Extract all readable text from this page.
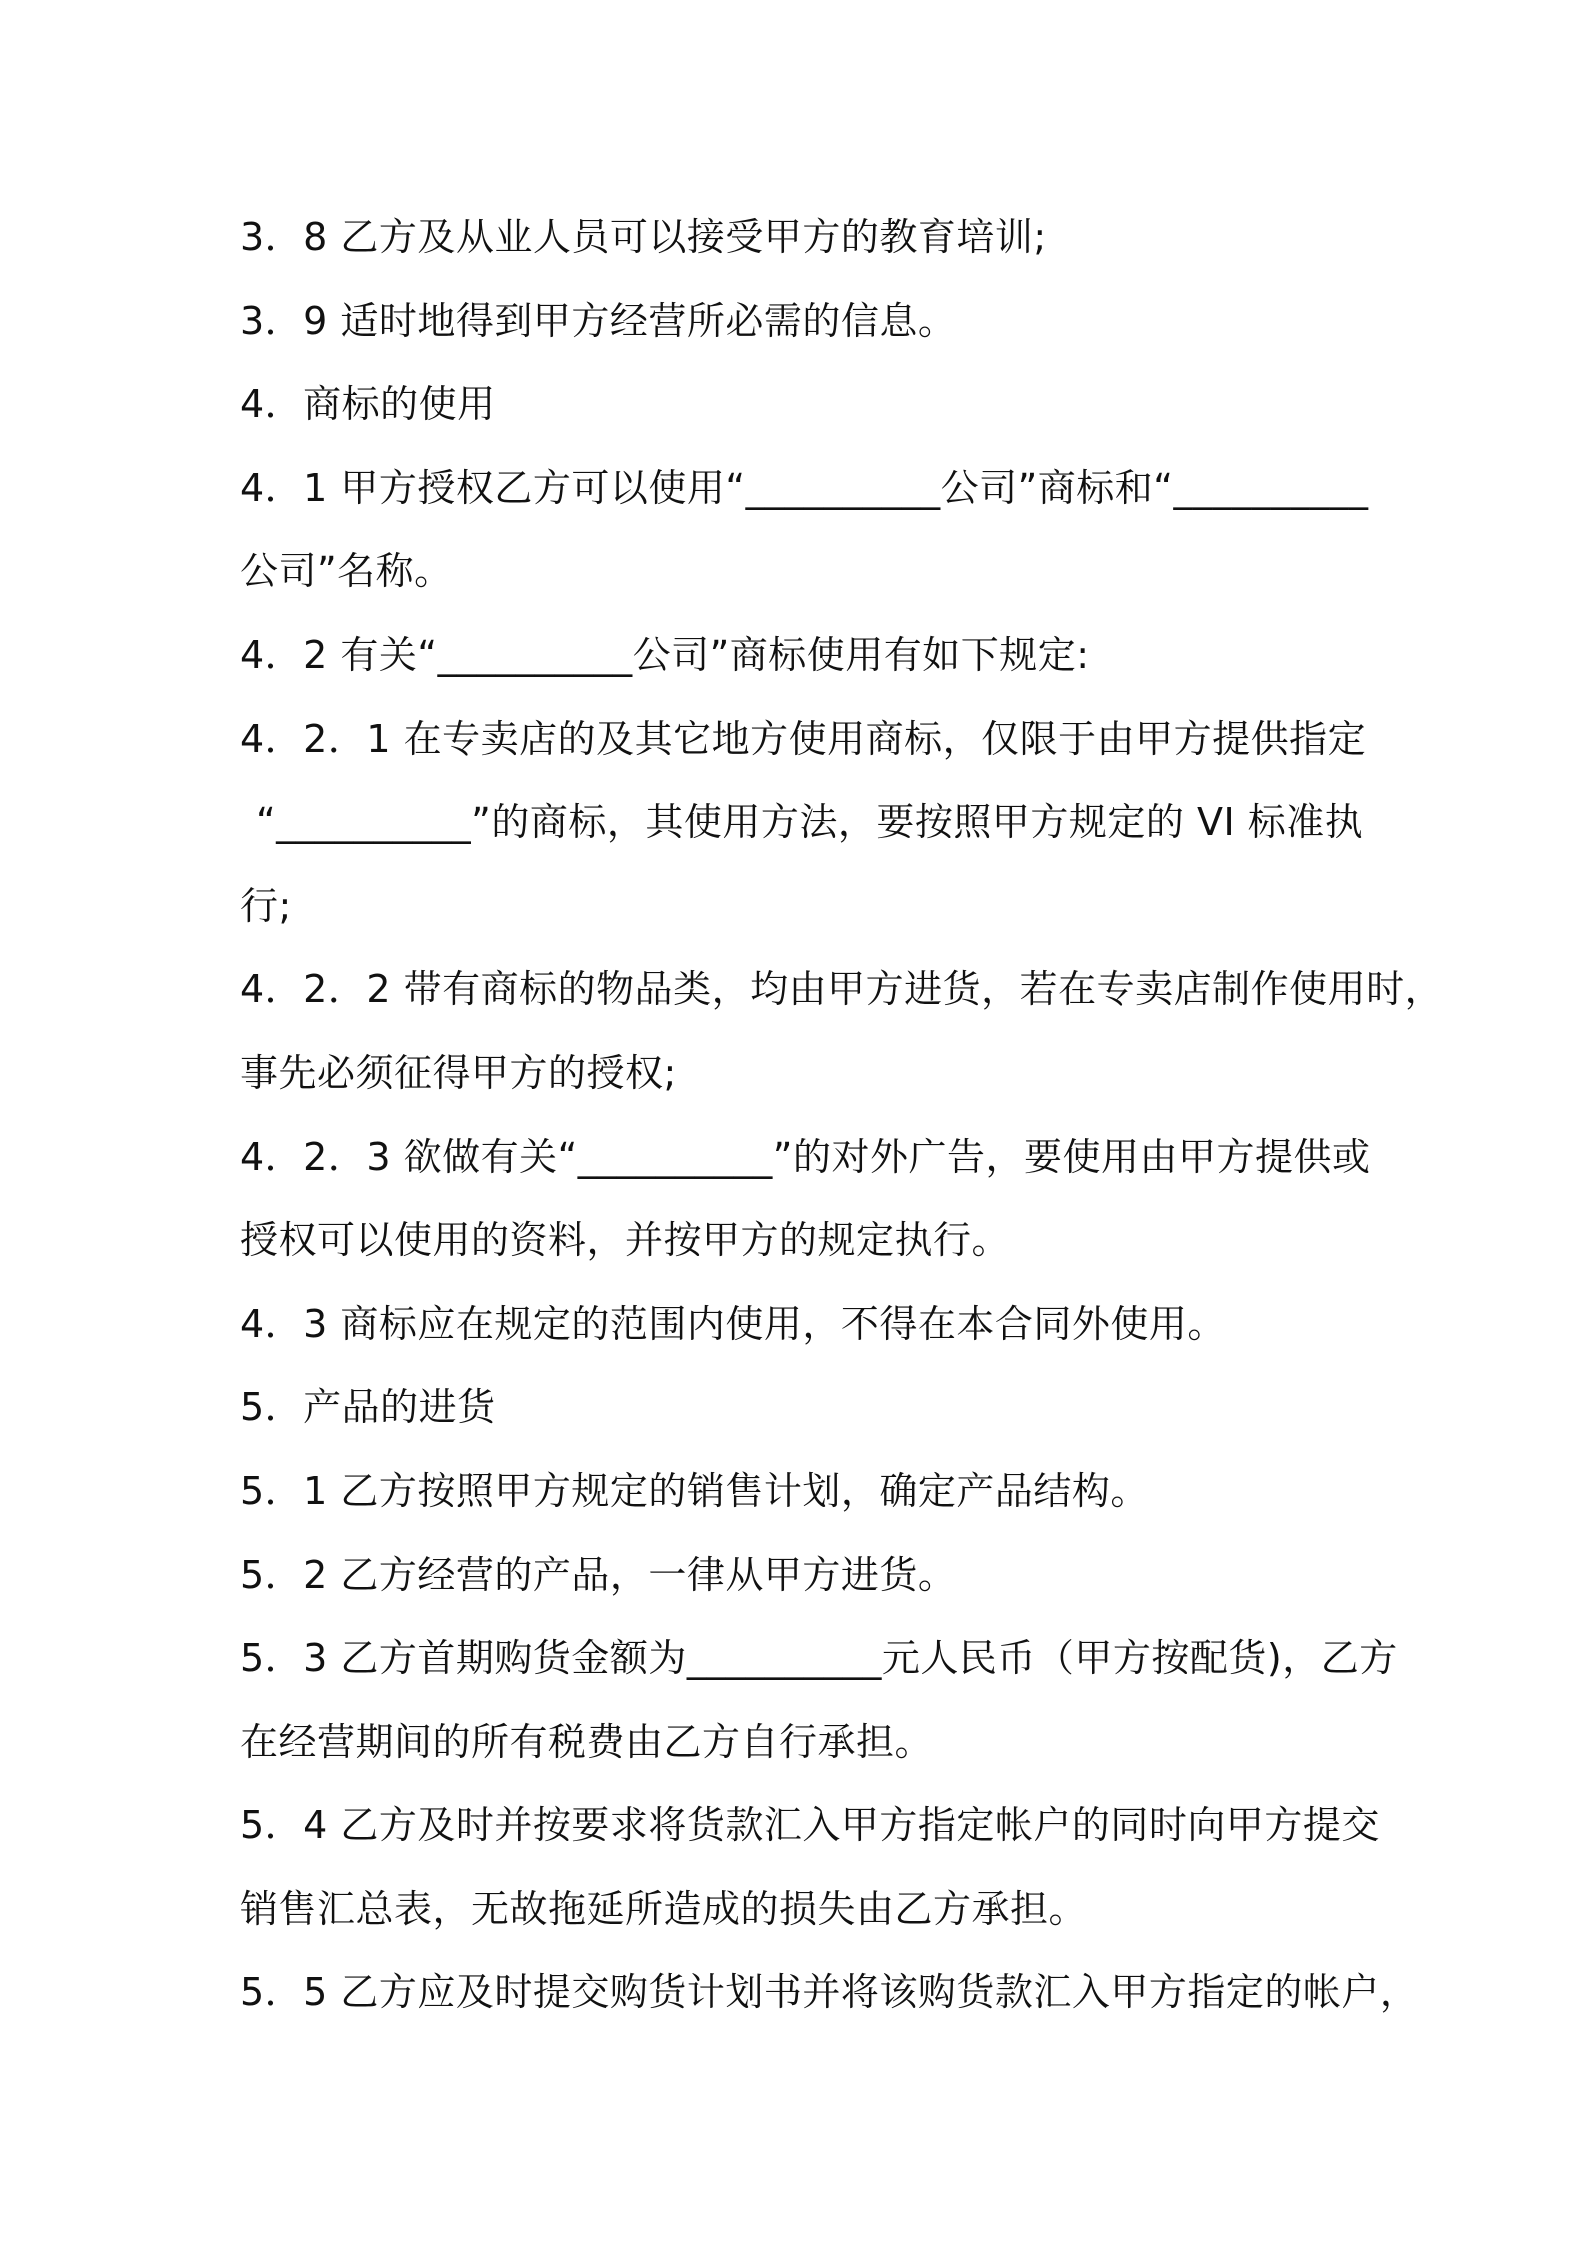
3．8 乙方及从业人员可以接受甲方的教育培训;
3．9 适时地得到甲方经营所必需的信息。
4．商标的使用
4．1 甲方授权乙方可以使用“__________公司”商标和“__________
公司”名称。
4．2 有关“__________公司”商标使用有如下规定:
4．2．1 在专卖店的及其它地方使用商标，仅限于由甲方提供指定
“__________”的商标，其使用方法，要按照甲方规定的 VI 标准执
行;
4．2．2 带有商标的物品类，均由甲方进货，若在专卖店制作使用时，
事先必须征得甲方的授权;
4．2．3 欲做有关“__________”的对外广告，要使用由甲方提供或
授权可以使用的资料，并按甲方的规定执行。
4．3 商标应在规定的范围内使用，不得在本合同外使用。
5．产品的进货
5．1 乙方按照甲方规定的销售计划，确定产品结构。
5．2 乙方经营的产品，一律从甲方进货。
5．3 乙方首期购货金额为__________元人民币（甲方按配货)，乙方
在经营期间的所有税费由乙方自行承担。
5．4 乙方及时并按要求将货款汇入甲方指定帐户的同时向甲方提交
销售汇总表，无故拖延所造成的损失由乙方承担。
5．5 乙方应及时提交购货计划书并将该购货款汇入甲方指定的帐户，
